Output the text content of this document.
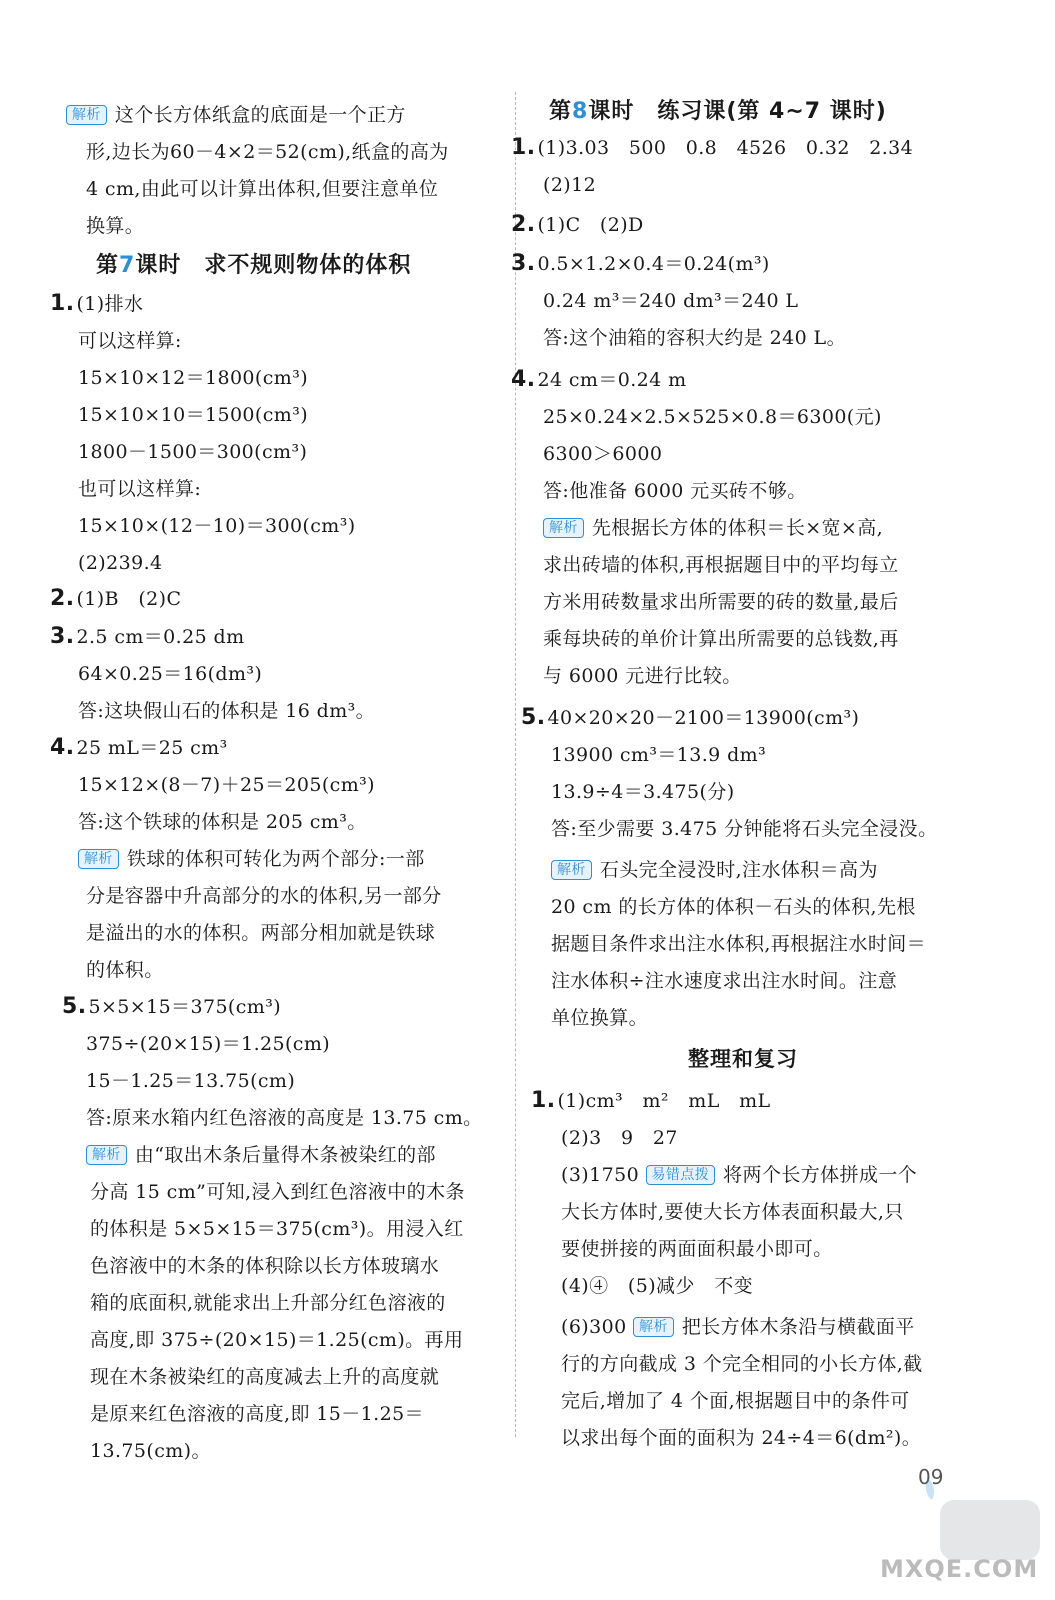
解析 这个长方体纸盒的底面是一个正方
形,边长为60－4×2＝52(cm),纸盒的高为
4 cm,由此可以计算出体积,但要注意单位
换算。
第7课时　求不规则物体的体积
1. (1)排水
可以这样算:
15×10×12＝1800(cm³)
15×10×10＝1500(cm³)
1800－1500＝300(cm³)
也可以这样算:
15×10×(12－10)＝300(cm³)
(2)239.4
2. (1)B　(2)C
3. 2.5 cm＝0.25 dm
64×0.25＝16(dm³)
答:这块假山石的体积是 16 dm³。
4. 25 mL＝25 cm³
15×12×(8－7)＋25＝205(cm³)
答:这个铁球的体积是 205 cm³。
解析 铁球的体积可转化为两个部分:一部
分是容器中升高部分的水的体积,另一部分
是溢出的水的体积。两部分相加就是铁球
的体积。
5. 5×5×15＝375(cm³)
375÷(20×15)＝1.25(cm)
15－1.25＝13.75(cm)
答:原来水箱内红色溶液的高度是 13.75 cm。
解析 由“取出木条后量得木条被染红的部
分高 15 cm”可知,浸入到红色溶液中的木条
的体积是 5×5×15＝375(cm³)。用浸入红
色溶液中的木条的体积除以长方体玻璃水
箱的底面积,就能求出上升部分红色溶液的
高度,即 375÷(20×15)＝1.25(cm)。再用
现在木条被染红的高度减去上升的高度就
是原来红色溶液的高度,即 15－1.25＝
13.75(cm)。
第8课时　练习课(第 4~7 课时)
1. (1)3.03　500　0.8　4526　0.32　2.34
(2)12
2. (1)C　(2)D
3. 0.5×1.2×0.4＝0.24(m³)
0.24 m³＝240 dm³＝240 L
答:这个油箱的容积大约是 240 L。
4. 24 cm＝0.24 m
25×0.24×2.5×525×0.8＝6300(元)
6300＞6000
答:他准备 6000 元买砖不够。
解析 先根据长方体的体积＝长×宽×高,
求出砖墙的体积,再根据题目中的平均每立
方米用砖数量求出所需要的砖的数量,最后
乘每块砖的单价计算出所需要的总钱数,再
与 6000 元进行比较。
5. 40×20×20－2100＝13900(cm³)
13900 cm³＝13.9 dm³
13.9÷4＝3.475(分)
答:至少需要 3.475 分钟能将石头完全浸没。
解析 石头完全浸没时,注水体积＝高为
20 cm 的长方体的体积－石头的体积,先根
据题目条件求出注水体积,再根据注水时间＝
注水体积÷注水速度求出注水时间。注意
单位换算。
整理和复习
1. (1)cm³　m²　mL　mL
(2)3　9　27
(3)1750 易错点拨 将两个长方体拼成一个
大长方体时,要使大长方体表面积最大,只
要使拼接的两面面积最小即可。
(4)④　(5)减少　不变
(6)300 解析 把长方体木条沿与横截面平
行的方向截成 3 个完全相同的小长方体,截
完后,增加了 4 个面,根据题目中的条件可
以求出每个面的面积为 24÷4＝6(dm²)。
09
MXQE.COM
